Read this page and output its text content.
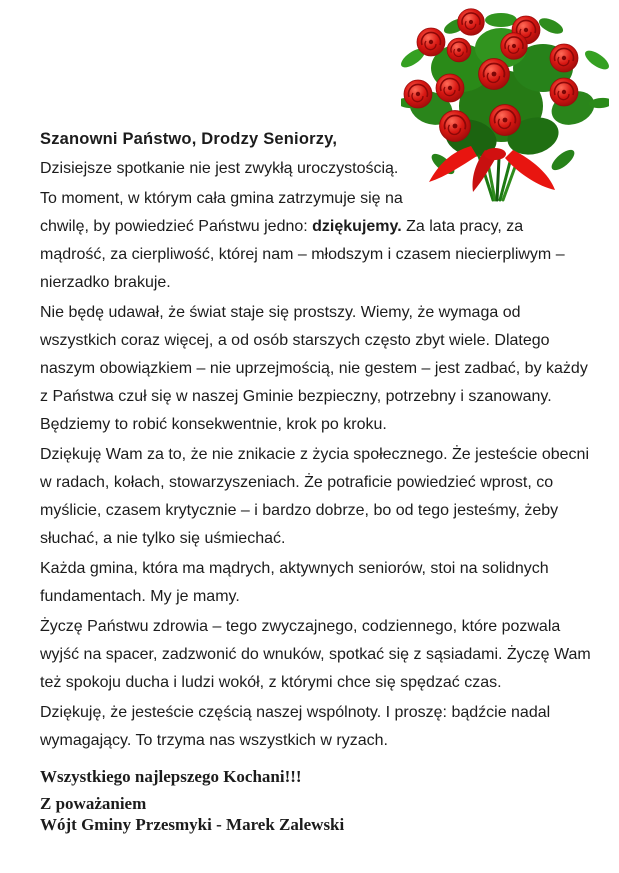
Szanowni Państwo, Drodzy Seniorzy,

Dzisiejsze spotkanie nie jest zwykłą uroczystością.

To moment, w którym cała gmina zatrzymuje się na chwilę, by powiedzieć Państwu jedno: dziękujemy. Za lata pracy, za mądrość, za cierpliwość, której nam – młodszym i czasem niecierpliwym – nierzadko brakuje.

Nie będę udawał, że świat staje się prostszy. Wiemy, że wymaga od wszystkich coraz więcej, a od osób starszych często zbyt wiele. Dlatego naszym obowiązkiem – nie uprzejmością, nie gestem – jest zadbać, by każdy z Państwa czuł się w naszej Gminie bezpieczny, potrzebny i szanowany. Będziemy to robić konsekwentnie, krok po kroku.

Dziękuję Wam za to, że nie znikacie z życia społecznego. Że jesteście obecni w radach, kołach, stowarzyszeniach. Że potraficie powiedzieć wprost, co myślicie, czasem krytycznie – i bardzo dobrze, bo od tego jesteśmy, żeby słuchać, a nie tylko się uśmiechać.

Każda gmina, która ma mądrych, aktywnych seniorów, stoi na solidnych fundamentach. My je mamy.

Życzę Państwu zdrowia – tego zwyczajnego, codziennego, które pozwala wyjść na spacer, zadzwonić do wnuków, spotkać się z sąsiadami. Życzę Wam też spokoju ducha i ludzi wokół, z którymi chce się spędzać czas.

Dziękuję, że jesteście częścią naszej wspólnoty. I proszę: bądźcie nadal wymagający. To trzyma nas wszystkich w ryzach.

Wszystkiego najlepszego Kochani!!!

Z poważaniem
Wójt Gminy Przesmyki - Marek Zalewski
